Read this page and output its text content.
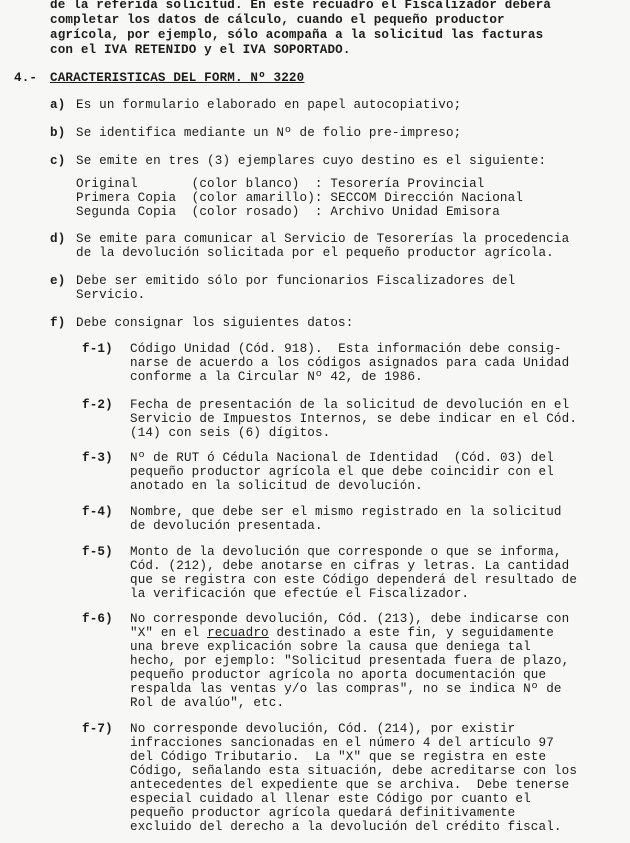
de la referida solicitud. En este recuadro el Fiscalizador deberá
completar los datos de cálculo, cuando el pequeño productor
agrícola, por ejemplo, sólo acompaña a la solicitud las facturas
con el IVA RETENIDO y el IVA SOPORTADO.
4.- CARACTERISTICAS DEL FORM. Nº 3220
a) Es un formulario elaborado en papel autocopiativo;
b) Se identifica mediante un Nº de folio pre-impreso;
c) Se emite en tres (3) ejemplares cuyo destino es el siguiente:
Original       (color blanco)  : Tesorería Provincial
Primera Copia  (color amarillo): SECCOM Dirección Nacional
Segunda Copia  (color rosado)  : Archivo Unidad Emisora
d) Se emite para comunicar al Servicio de Tesorerías la procedencia
de la devolución solicitada por el pequeño productor agrícola.
e) Debe ser emitido sólo por funcionarios Fiscalizadores del
Servicio.
f) Debe consignar los siguientes datos:
f-1) Código Unidad (Cód. 918).  Esta información debe consig-
narse de acuerdo a los códigos asignados para cada Unidad
conforme a la Circular Nº 42, de 1986.
f-2) Fecha de presentación de la solicitud de devolución en el
Servicio de Impuestos Internos, se debe indicar en el Cód.
(14) con seis (6) dígitos.
f-3) Nº de RUT ó Cédula Nacional de Identidad  (Cód. 03) del
pequeño productor agrícola el que debe coincidir con el
anotado en la solicitud de devolución.
f-4) Nombre, que debe ser el mismo registrado en la solicitud
de devolución presentada.
f-5) Monto de la devolución que corresponde o que se informa,
Cód. (212), debe anotarse en cifras y letras. La cantidad
que se registra con este Código dependerá del resultado de
la verificación que efectúe el Fiscalizador.
f-6) No corresponde devolución, Cód. (213), debe indicarse con
"X" en el recuadro destinado a este fin, y seguidamente
una breve explicación sobre la causa que deniega tal
hecho, por ejemplo: "Solicitud presentada fuera de plazo,
pequeño productor agrícola no aporta documentación que
respalda las ventas y/o las compras", no se indica Nº de
Rol de avalúo", etc.
f-7) No corresponde devolución, Cód. (214), por existir
infracciones sancionadas en el número 4 del artículo 97
del Código Tributario.  La "X" que se registra en este
Código, señalando esta situación, debe acreditarse con los
antecedentes del expediente que se archiva.  Debe tenerse
especial cuidado al llenar este Código por cuanto el
pequeño productor agrícola quedará definitivamente
excluido del derecho a la devolución del crédito fiscal.
